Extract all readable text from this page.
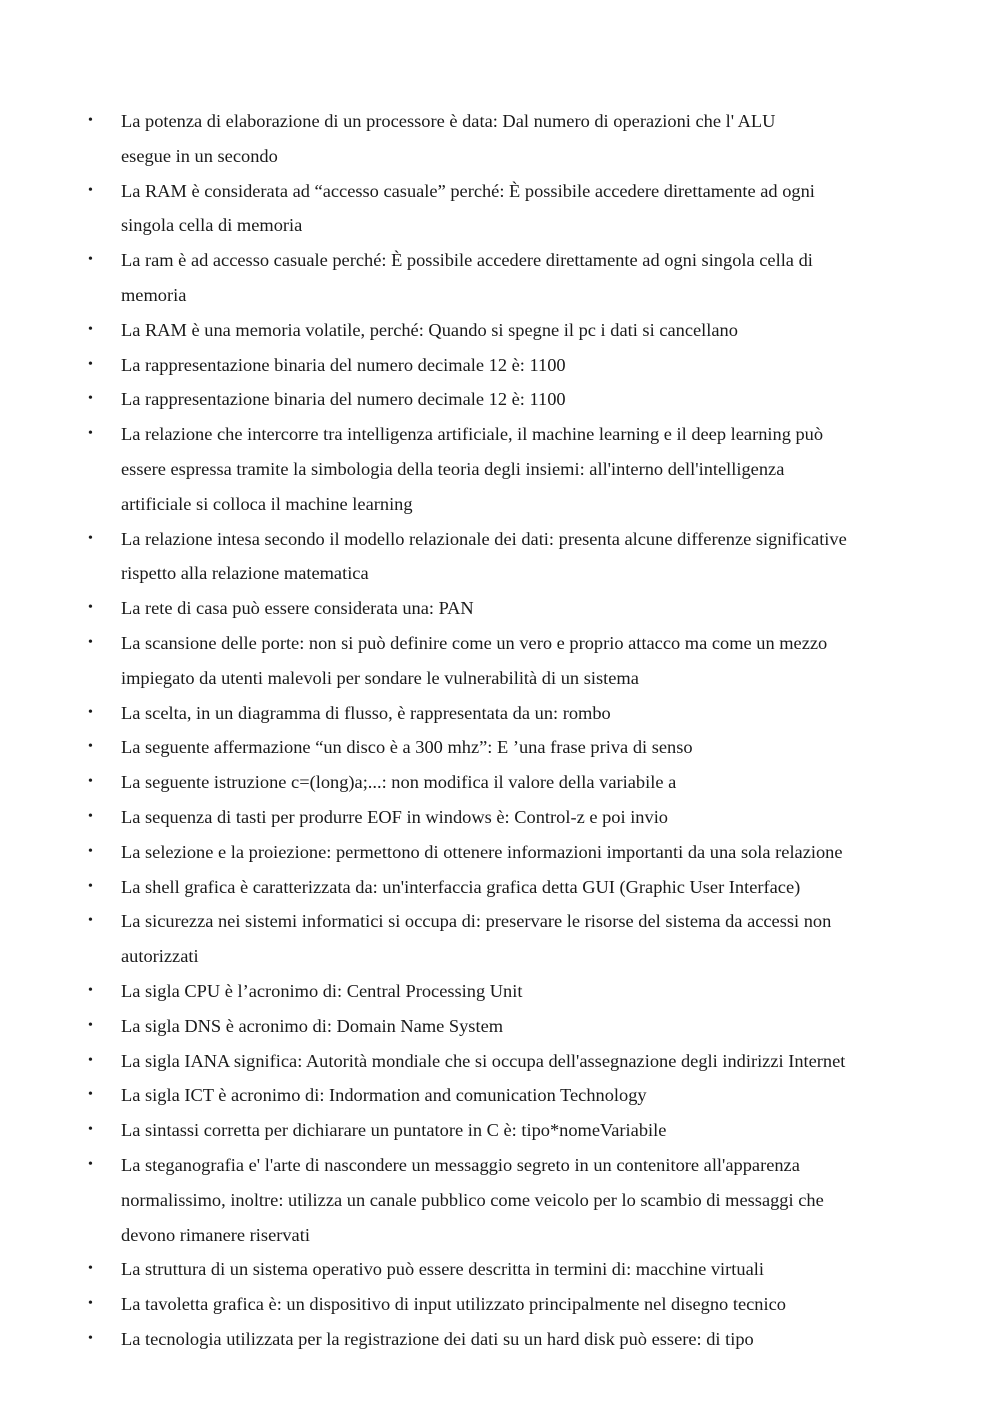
• La potenza di elaborazione di un processore è data: Dal numero di operazioni che l' ALU
esegue in un secondo
• La RAM è considerata ad “accesso casuale” perché: È possibile accedere direttamente ad ogni
singola cella di memoria
• La ram è ad accesso casuale perché: È possibile accedere direttamente ad ogni singola cella di
memoria
• La RAM è una memoria volatile, perché: Quando si spegne il pc i dati si cancellano
• La rappresentazione binaria del numero decimale 12 è: 1100
• La rappresentazione binaria del numero decimale 12 è: 1100
• La relazione che intercorre tra intelligenza artificiale, il machine learning e il deep learning può
essere espressa tramite la simbologia della teoria degli insiemi: all'interno dell'intelligenza
artificiale si colloca il machine learning
• La relazione intesa secondo il modello relazionale dei dati: presenta alcune differenze significative
rispetto alla relazione matematica
• La rete di casa può essere considerata una: PAN
• La scansione delle porte: non si può definire come un vero e proprio attacco ma come un mezzo
impiegato da utenti malevoli per sondare le vulnerabilità di un sistema
• La scelta, in un diagramma di flusso, è rappresentata da un: rombo
• La seguente affermazione “un disco è a 300 mhz”: E ’una frase priva di senso
• La seguente istruzione c=(long)a;...: non modifica il valore della variabile a
• La sequenza di tasti per produrre EOF in windows è: Control-z e poi invio
• La selezione e la proiezione: permettono di ottenere informazioni importanti da una sola relazione
• La shell grafica è caratterizzata da: un'interfaccia grafica detta GUI (Graphic User Interface)
• La sicurezza nei sistemi informatici si occupa di: preservare le risorse del sistema da accessi non
autorizzati
• La sigla CPU è l’acronimo di: Central Processing Unit
• La sigla DNS è acronimo di: Domain Name System
• La sigla IANA significa: Autorità mondiale che si occupa dell'assegnazione degli indirizzi Internet
• La sigla ICT è acronimo di: Indormation and comunication Technology
• La sintassi corretta per dichiarare un puntatore in C è: tipo*nomeVariabile
• La steganografia e' l'arte di nascondere un messaggio segreto in un contenitore all'apparenza
normalissimo, inoltre: utilizza un canale pubblico come veicolo per lo scambio di messaggi che
devono rimanere riservati
• La struttura di un sistema operativo può essere descritta in termini di: macchine virtuali
• La tavoletta grafica è: un dispositivo di input utilizzato principalmente nel disegno tecnico
• La tecnologia utilizzata per la registrazione dei dati su un hard disk può essere: di tipo
